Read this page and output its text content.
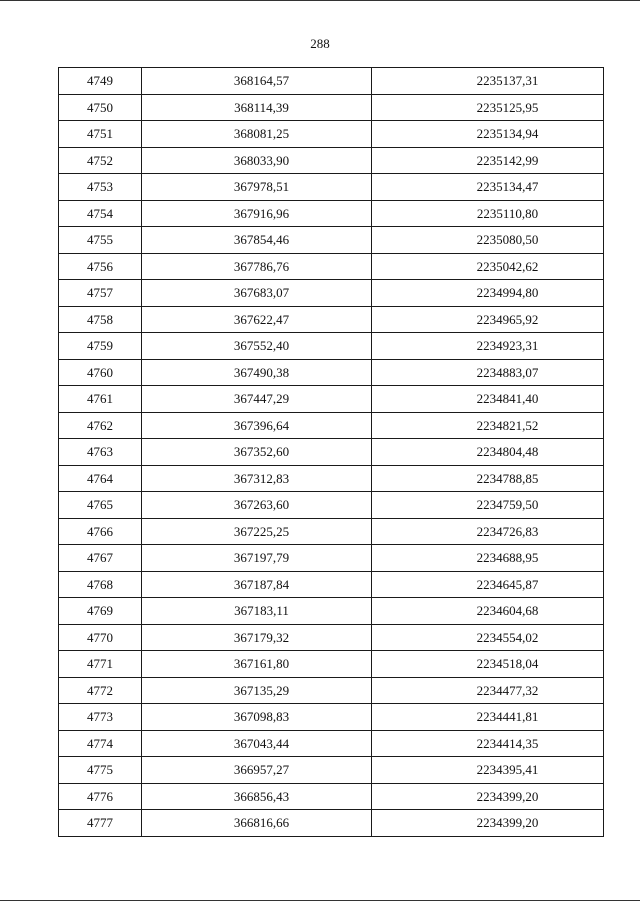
288
4749	368164,57	2235137,31
4750	368114,39	2235125,95
4751	368081,25	2235134,94
4752	368033,90	2235142,99
4753	367978,51	2235134,47
4754	367916,96	2235110,80
4755	367854,46	2235080,50
4756	367786,76	2235042,62
4757	367683,07	2234994,80
4758	367622,47	2234965,92
4759	367552,40	2234923,31
4760	367490,38	2234883,07
4761	367447,29	2234841,40
4762	367396,64	2234821,52
4763	367352,60	2234804,48
4764	367312,83	2234788,85
4765	367263,60	2234759,50
4766	367225,25	2234726,83
4767	367197,79	2234688,95
4768	367187,84	2234645,87
4769	367183,11	2234604,68
4770	367179,32	2234554,02
4771	367161,80	2234518,04
4772	367135,29	2234477,32
4773	367098,83	2234441,81
4774	367043,44	2234414,35
4775	366957,27	2234395,41
4776	366856,43	2234399,20
4777	366816,66	2234399,20
